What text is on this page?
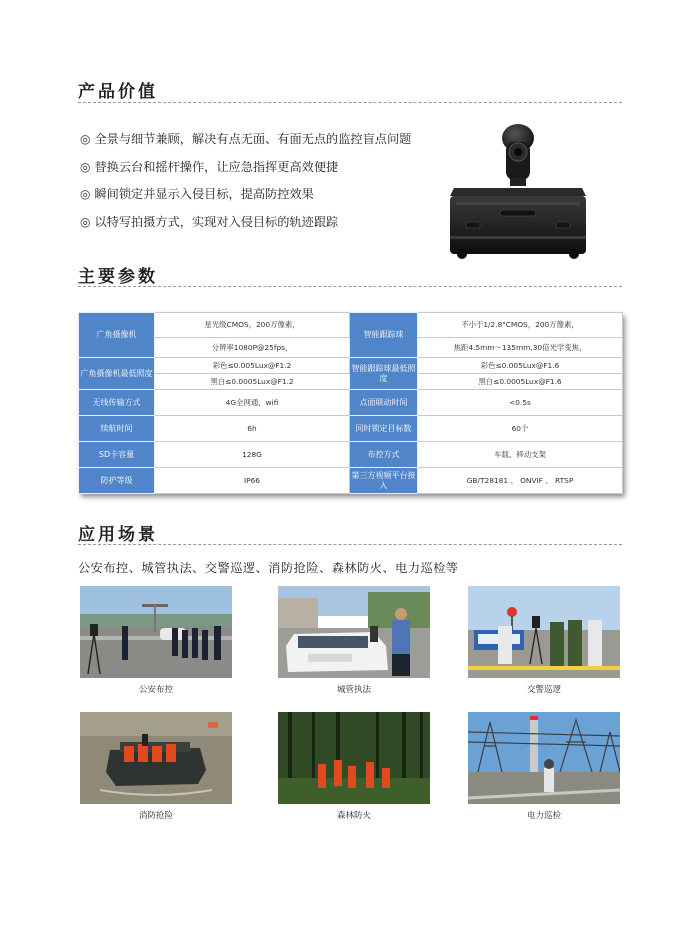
产品价值
◎ 全景与细节兼顾，解决有点无面、有面无点的监控盲点问题
◎ 替换云台和摇杆操作，让应急指挥更高效便捷
◎ 瞬间锁定并显示入侵目标，提高防控效果
◎ 以特写拍摄方式，实现对入侵目标的轨迹跟踪
主要参数
广角摄像机	星光级CMOS，200万像素，	智能跟踪球	不小于1/2.8"CMOS，200万像素，
	分辨率1080P@25fps，		焦距4.5mm～135mm,30倍光学变焦，
广角摄像机最低照度	彩色≤0.005Lux@F1.2	智能跟踪球最低照度	彩色≤0.005Lux@F1.6
	黑白≤0.0005Lux@F1.2		黑白≤0.0005Lux@F1.6
无线传输方式	4G全网通，wifi	点面联动时间	<0.5s
续航时间	6h	同时锁定目标数	60个
SD卡容量	128G	布控方式	车载、移动支架
防护等级	IP66	第三方视频平台接入	GB/T28181 、 ONVIF 、 RTSP
应用场景

公安布控、城管执法、交警巡逻、消防抢险、森林防火、电力巡检等

公安布控	城管执法	交警巡逻
消防抢险	森林防火	电力巡检
